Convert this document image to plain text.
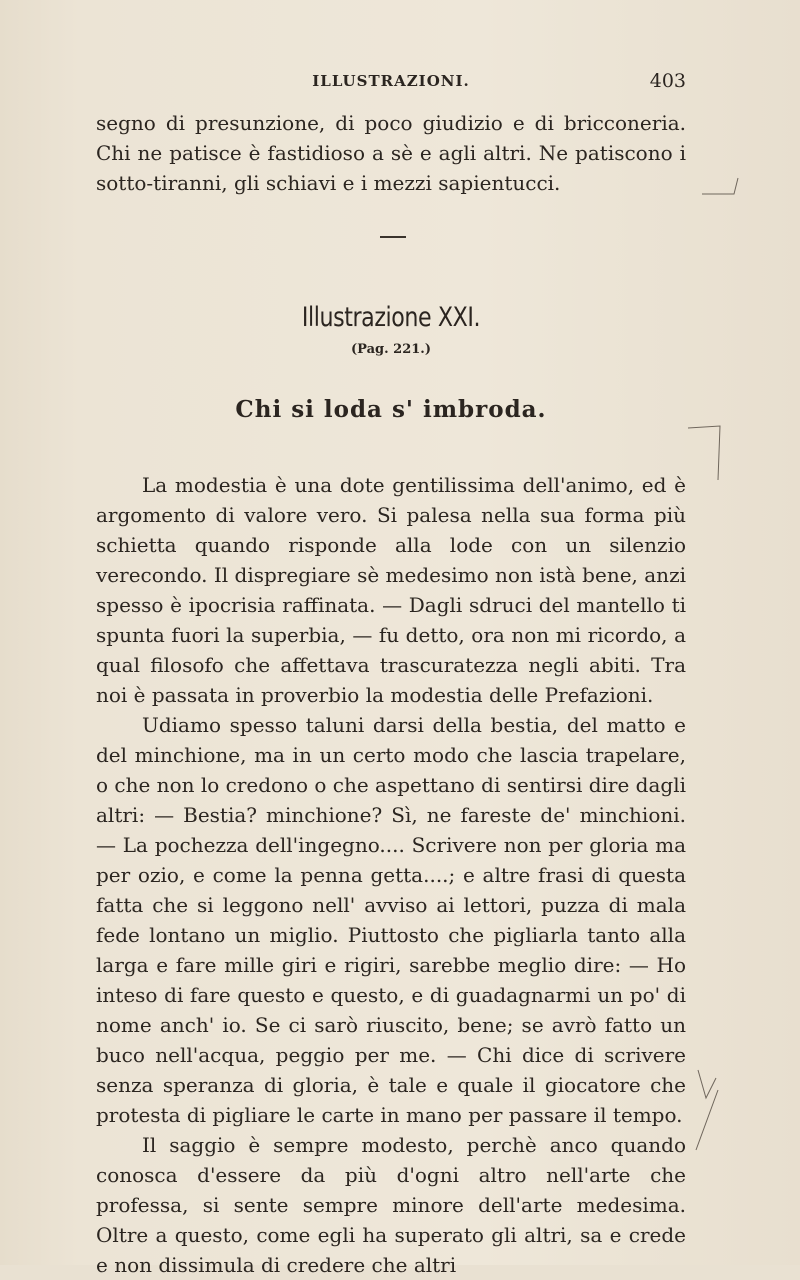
ILLUSTRAZIONI.	403

segno di presunzione, di poco giudizio e di bricconeria. Chi ne patisce è fastidioso a sè e agli altri. Ne patiscono i sotto-tiranni, gli schiavi e i mezzi sapientucci.

Illustrazione XXI.
(Pag. 221.)
Chi si loda s' imbroda.

La modestia è una dote gentilissima dell'animo, ed è argomento di valore vero. Si palesa nella sua forma più schietta quando risponde alla lode con un silenzio verecondo. Il dispregiare sè medesimo non istà bene, anzi spesso è ipocrisia raffinata. — Dagli sdruci del mantello ti spunta fuori la superbia, — fu detto, ora non mi ricordo, a qual filosofo che affettava trascuratezza negli abiti. Tra noi è passata in proverbio la modestia delle Prefazioni.

Udiamo spesso taluni darsi della bestia, del matto e del minchione, ma in un certo modo che lascia trapelare, o che non lo credono o che aspettano di sentirsi dire dagli altri: — Bestia? minchione? Sì, ne fareste de' minchioni. — La pochezza dell'ingegno.... Scrivere non per gloria ma per ozio, e come la penna getta....; e altre frasi di questa fatta che si leggono nell' avviso ai lettori, puzza di mala fede lontano un miglio. Piuttosto che pigliarla tanto alla larga e fare mille giri e rigiri, sarebbe meglio dire: — Ho inteso di fare questo e questo, e di guadagnarmi un po' di nome anch' io. Se ci sarò riuscito, bene; se avrò fatto un buco nell'acqua, peggio per me. — Chi dice di scrivere senza speranza di gloria, è tale e quale il giocatore che protesta di pigliare le carte in mano per passare il tempo.

Il saggio è sempre modesto, perchè anco quando conosca d'essere da più d'ogni altro nell'arte che professa, si sente sempre minore dell'arte medesima. Oltre a questo, come egli ha superato gli altri, sa e crede e non dissimula di credere che altri
